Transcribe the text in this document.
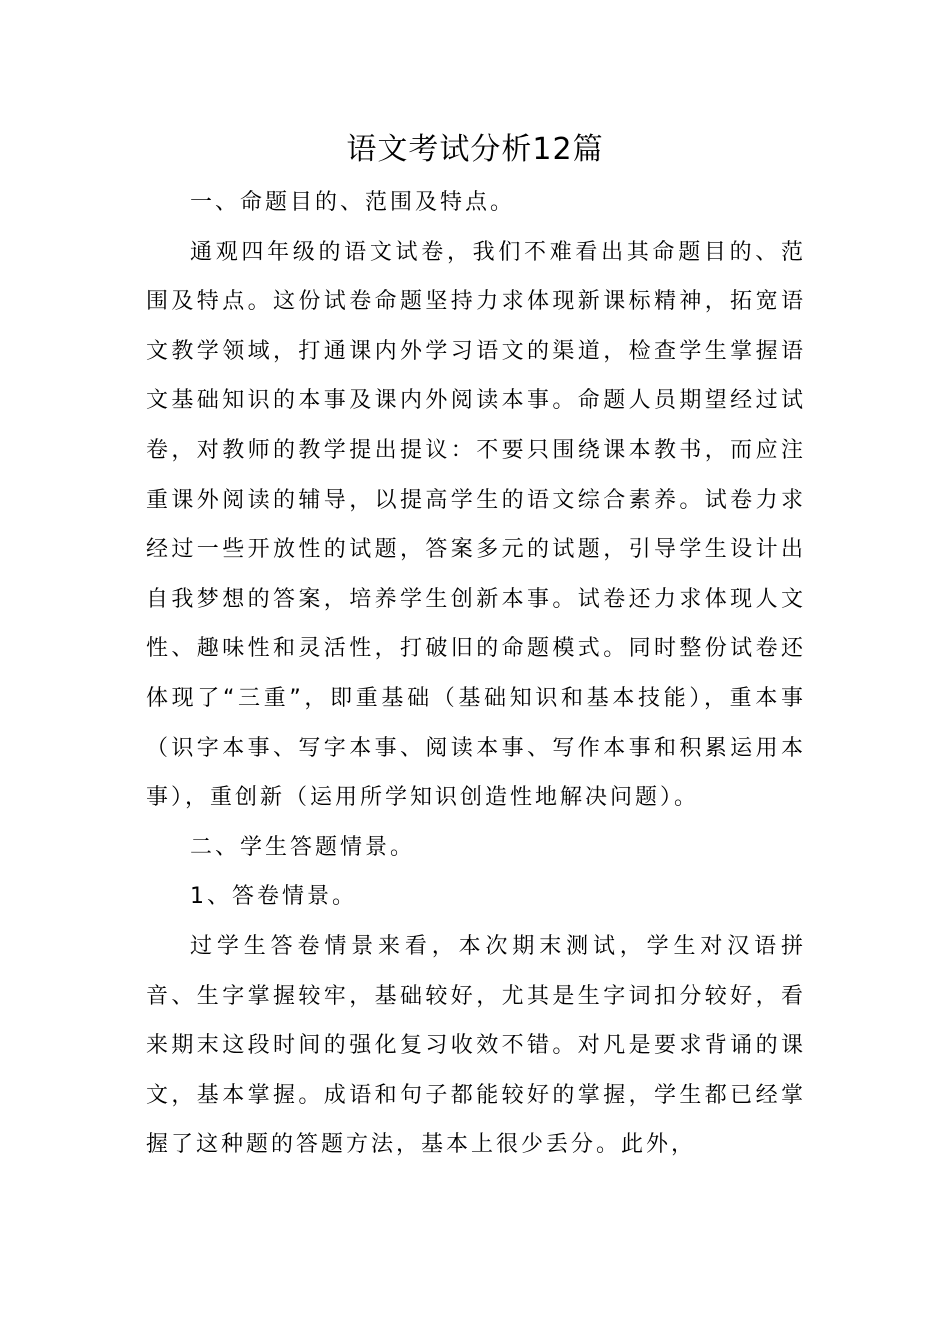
语文考试分析12篇

一、命题目的、范围及特点。

通观四年级的语文试卷，我们不难看出其命题目的、范围及特点。这份试卷命题坚持力求体现新课标精神，拓宽语文教学领域，打通课内外学习语文的渠道，检查学生掌握语文基础知识的本事及课内外阅读本事。命题人员期望经过试卷，对教师的教学提出提议：不要只围绕课本教书，而应注重课外阅读的辅导，以提高学生的语文综合素养。试卷力求经过一些开放性的试题，答案多元的试题，引导学生设计出自我梦想的答案，培养学生创新本事。试卷还力求体现人文性、趣味性和灵活性，打破旧的命题模式。同时整份试卷还体现了“三重”，即重基础（基础知识和基本技能），重本事（识字本事、写字本事、阅读本事、写作本事和积累运用本事），重创新（运用所学知识创造性地解决问题）。

二、学生答题情景。

1、答卷情景。

过学生答卷情景来看，本次期末测试，学生对汉语拼音、生字掌握较牢，基础较好，尤其是生字词扣分较好，看来期末这段时间的强化复习收效不错。对凡是要求背诵的课文，基本掌握。成语和句子都能较好的掌握，学生都已经掌握了这种题的答题方法，基本上很少丢分。此外，
